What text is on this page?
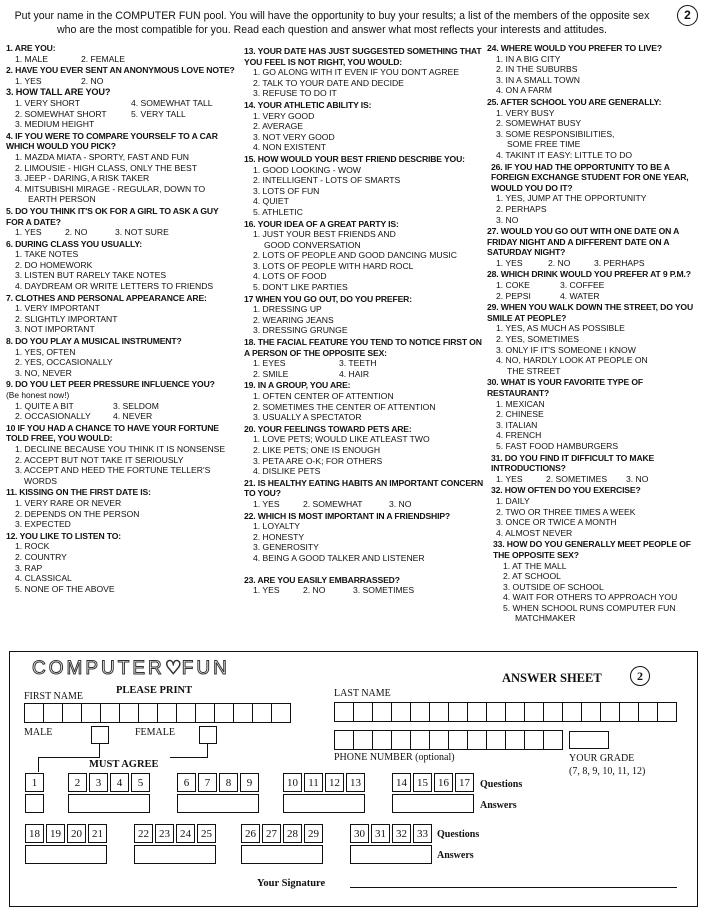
Put your name in the COMPUTER FUN pool. You will have the opportunity to buy your results; a list of the members of the opposite sex who are the most compatible for you. Read each question and answer what most reflects your interests and attitudes.
2
1. ARE YOU:
1. MALE	2. FEMALE
2. HAVE YOU EVER SENT AN ANONYMOUS LOVE NOTE?
1. YES	2. NO
3. HOW TALL ARE YOU?
1. VERY SHORT	4. SOMEWHAT TALL
2. SOMEWHAT SHORT	5. VERY TALL
3. MEDIUM HEIGHT
4. IF YOU WERE TO COMPARE YOURSELF TO A CAR WHICH WOULD YOU PICK?
1. MAZDA MIATA - SPORTY, FAST AND FUN
2. LIMOUSIE - HIGH CLASS, ONLY THE BEST
3. JEEP - DARING, A RISK TAKER
4. MITSUBISHI MIRAGE - REGULAR, DOWN TO
EARTH PERSON
5. DO YOU THINK IT'S OK FOR A GIRL TO ASK A GUY FOR A DATE?
1. YES	2. NO	3. NOT SURE
6. DURING CLASS YOU USUALLY:
1. TAKE NOTES
2. DO HOMEWORK
3. LISTEN BUT RARELY TAKE NOTES
4. DAYDREAM OR WRITE LETTERS TO FRIENDS
7. CLOTHES AND PERSONAL APPEARANCE ARE:
1. VERY IMPORTANT
2. SLIGHTLY IMPORTANT
3. NOT IMPORTANT
8. DO YOU PLAY A MUSICAL INSTRUMENT?
1. YES, OFTEN
2. YES, OCCASIONALLY
3. NO, NEVER
9. DO YOU LET PEER PRESSURE INFLUENCE YOU?
(Be honest now!)
1. QUITE A BIT	3. SELDOM
2. OCCASIONALLY	4. NEVER
10 IF YOU HAD A CHANCE TO HAVE YOUR FORTUNE TOLD FREE, YOU WOULD:
1. DECLINE BECAUSE YOU THINK IT IS NONSENSE
2. ACCEPT BUT NOT TAKE IT SERIOUSLY
3. ACCEPT AND HEED THE FORTUNE TELLER'S
WORDS
11. KISSING ON THE FIRST DATE IS:
1. VERY RARE OR NEVER
2. DEPENDS ON THE PERSON
3. EXPECTED
12. YOU LIKE TO LISTEN TO:
1. ROCK
2. COUNTRY
3. RAP
4. CLASSICAL
5. NONE OF THE ABOVE
13. YOUR DATE HAS JUST SUGGESTED SOMETHING THAT YOU FEEL IS NOT RIGHT, YOU WOULD:
1. GO ALONG WITH IT EVEN IF YOU DON'T AGREE
2. TALK TO YOUR DATE AND DECIDE
3. REFUSE TO DO IT
14. YOUR ATHLETIC ABILITY IS:
1. VERY GOOD
2. AVERAGE
3. NOT VERY GOOD
4. NON EXISTENT
15. HOW WOULD YOUR BEST FRIEND DESCRIBE YOU:
1. GOOD LOOKING - WOW
2. INTELLIGENT - LOTS OF SMARTS
3. LOTS OF FUN
4. QUIET
5. ATHLETIC
16. YOUR IDEA OF A GREAT PARTY IS:
1. JUST YOUR BEST FRIENDS AND
GOOD CONVERSATION
2. LOTS OF PEOPLE AND GOOD DANCING MUSIC
3. LOTS OF PEOPLE WITH HARD ROCL
4. LOTS OF FOOD
5. DON'T LIKE PARTIES
17 WHEN YOU GO OUT, DO YOU PREFER:
1. DRESSING UP
2. WEARING JEANS
3. DRESSING GRUNGE
18. THE FACIAL FEATURE YOU TEND TO NOTICE FIRST ON A PERSON OF THE OPPOSITE SEX:
1. EYES	3. TEETH
2. SMILE	4. HAIR
19. IN A GROUP, YOU ARE:
1. OFTEN CENTER OF ATTENTION
2. SOMETIMES THE CENTER OF ATTENTION
3. USUALLY A SPECTATOR
20. YOUR FEELINGS TOWARD PETS ARE:
1. LOVE PETS; WOULD LIKE ATLEAST TWO
2. LIKE PETS; ONE IS ENOUGH
3. PETA ARE O-K; FOR OTHERS
4. DISLIKE PETS
21. IS HEALTHY EATING HABITS AN IMPORTANT CONCERN TO YOU?
1. YES	2. SOMEWHAT	3. NO
22. WHICH IS MOST IMPORTANT IN A FRIENDSHIP?
1. LOYALTY
2. HONESTY
3. GENEROSITY
4. BEING A GOOD TALKER AND LISTENER
23. ARE YOU EASILY EMBARRASSED?
1. YES	2. NO	3. SOMETIMES
24. WHERE WOULD YOU PREFER TO LIVE?
1. IN A BIG CITY
2. IN THE SUBURBS
3. IN A SMALL TOWN
4. ON A FARM
25. AFTER SCHOOL YOU ARE GENERALLY:
1. VERY BUSY
2. SOMEWHAT BUSY
3. SOME RESPONSIBILITIES,
SOME FREE TIME
4. TAKINT IT EASY: LITTLE TO DO
26. IF YOU HAD THE OPPORTUNITY TO BE A FOREIGN EXCHANGE STUDENT FOR ONE YEAR, WOULD YOU DO IT?
1. YES, JUMP AT THE OPPORTUNITY
2. PERHAPS
3. NO
27. WOULD YOU GO OUT WITH ONE DATE ON A FRIDAY NIGHT AND A DIFFERENT DATE ON A SATURDAY NIGHT?
1. YES	2. NO	3. PERHAPS
28. WHICH DRINK WOULD YOU PREFER AT 9 P.M.?
1. COKE	3. COFFEE
2. PEPSI	4. WATER
29. WHEN YOU WALK DOWN THE STREET, DO YOU SMILE AT PEOPLE?
1. YES, AS MUCH AS POSSIBLE
2. YES, SOMETIMES
3. ONLY IF IT'S SOMEONE I KNOW
4. NO, HARDLY LOOK AT PEOPLE ON
THE STREET
30. WHAT IS YOUR FAVORITE TYPE OF RESTAURANT?
1. MEXICAN
2. CHINESE
3. ITALIAN
4. FRENCH
5. FAST FOOD HAMBURGERS
31. DO YOU FIND IT DIFFICULT TO MAKE INTRODUCTIONS?
1. YES	2. SOMETIMES 3. NO
32. HOW OFTEN DO YOU EXERCISE?
1. DAILY
2. TWO OR THREE TIMES A WEEK
3. ONCE OR TWICE A MONTH
4. ALMOST NEVER
33. HOW DO YOU GENERALLY MEET PEOPLE OF THE OPPOSITE SEX?
1. AT THE MALL
2. AT SCHOOL
3. OUTSIDE OF SCHOOL
4. WAIT FOR OTHERS TO APPROACH YOU
5. WHEN SCHOOL RUNS COMPUTER FUN
MATCHMAKER
COMPUTER♡FUN
PLEASE PRINT
ANSWER SHEET	2
FIRST NAME	LAST NAME
MALE	FEMALE
MUST AGREE
PHONE NUMBER (optional)	YOUR GRADE
(7, 8, 9, 10, 11, 12)
1	2	3	4	5	6	7	8	9	10 11 12 13	14 15 16 17	Questions
Answers
18 19 20 21	22 23 24 25	26 27 28 29	30 31 32 33 Questions
Answers
Your Signature
